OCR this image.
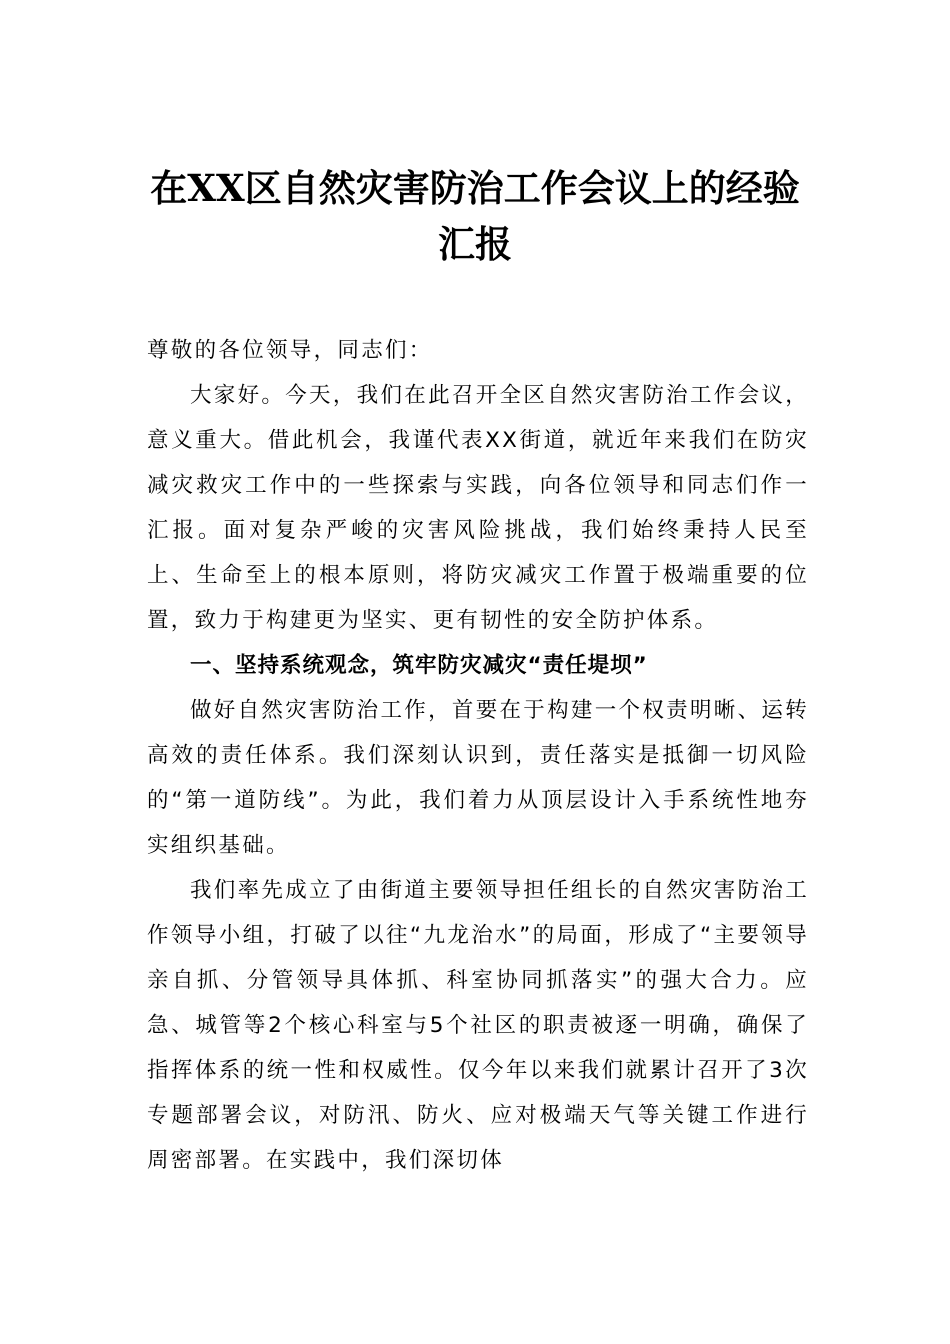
在XX区自然灾害防治工作会议上的经验汇报

尊敬的各位领导，同志们：

大家好。今天，我们在此召开全区自然灾害防治工作会议，意义重大。借此机会，我谨代表XX街道，就近年来我们在防灾减灾救灾工作中的一些探索与实践，向各位领导和同志们作一汇报。面对复杂严峻的灾害风险挑战，我们始终秉持人民至上、生命至上的根本原则，将防灾减灾工作置于极端重要的位置，致力于构建更为坚实、更有韧性的安全防护体系。

一、坚持系统观念，筑牢防灾减灾“责任堤坝”

做好自然灾害防治工作，首要在于构建一个权责明晰、运转高效的责任体系。我们深刻认识到，责任落实是抵御一切风险的“第一道防线”。为此，我们着力从顶层设计入手系统性地夯实组织基础。

我们率先成立了由街道主要领导担任组长的自然灾害防治工作领导小组，打破了以往“九龙治水”的局面，形成了“主要领导亲自抓、分管领导具体抓、科室协同抓落实”的强大合力。应急、城管等2个核心科室与5个社区的职责被逐一明确，确保了指挥体系的统一性和权威性。仅今年以来我们就累计召开了3次专题部署会议，对防汛、防火、应对极端天气等关键工作进行周密部署。在实践中，我们深切体
